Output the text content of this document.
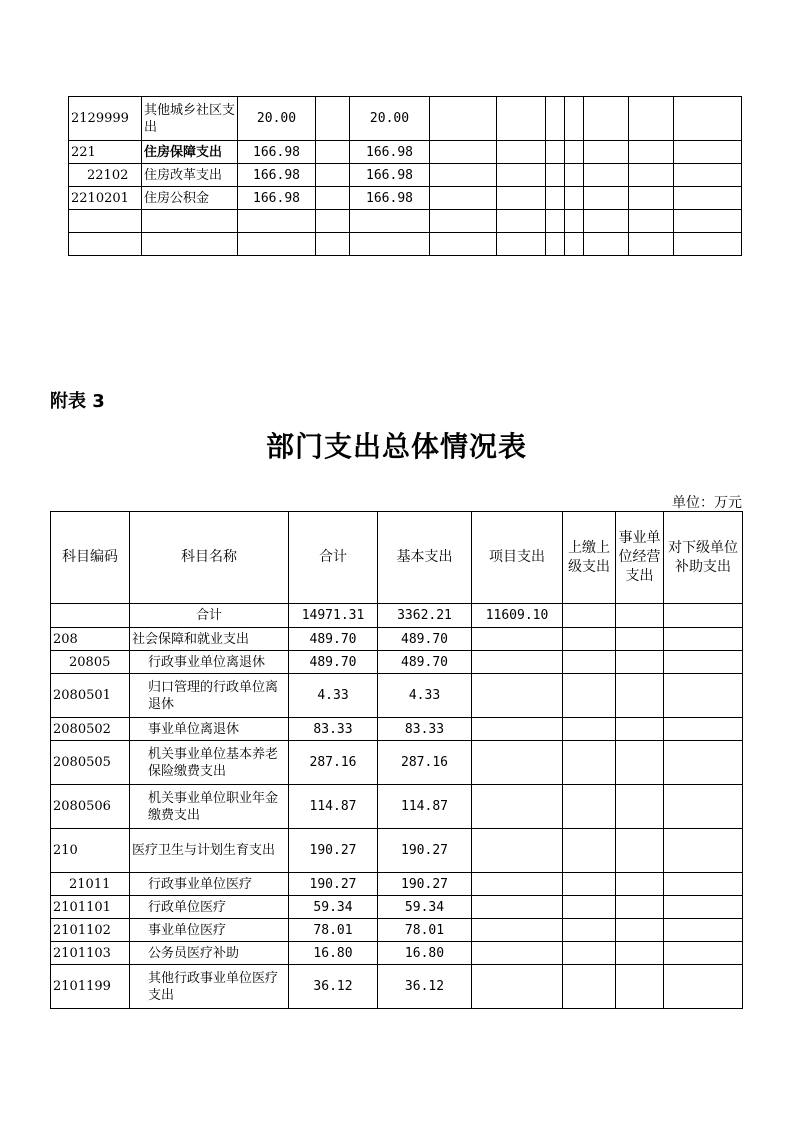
2129999	其他城乡社区支出	20.00		20.00							
221	住房保障支出	166.98		166.98							
22102	住房改革支出	166.98		166.98							
2210201	住房公积金	166.98		166.98							

附表 3
部门支出总体情况表
单位：万元
科目编码	科目名称	合计	基本支出	项目支出	上缴上级支出	事业单位经营支出	对下级单位补助支出
	合计	14971.31	3362.21	11609.10			
208	社会保障和就业支出	489.70	489.70				
20805	行政事业单位离退休	489.70	489.70				
2080501	归口管理的行政单位离退休	4.33	4.33				
2080502	事业单位离退休	83.33	83.33				
2080505	机关事业单位基本养老保险缴费支出	287.16	287.16				
2080506	机关事业单位职业年金缴费支出	114.87	114.87				
210	医疗卫生与计划生育支出	190.27	190.27				
21011	行政事业单位医疗	190.27	190.27				
2101101	行政单位医疗	59.34	59.34				
2101102	事业单位医疗	78.01	78.01				
2101103	公务员医疗补助	16.80	16.80				
2101199	其他行政事业单位医疗支出	36.12	36.12				
